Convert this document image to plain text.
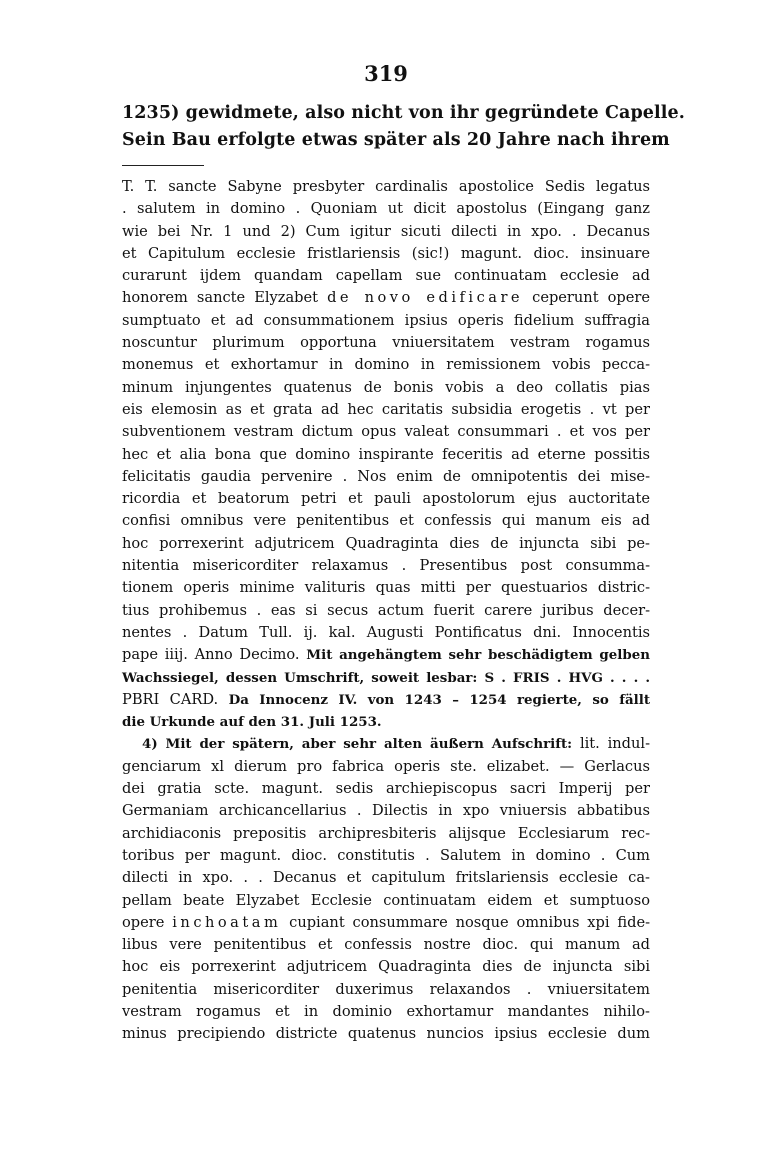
319
1235) gewidmete, also nicht von ihr gegründete Capelle.
Sein Bau erfolgte etwas später als 20 Jahre nach ihrem
T. T. sancte Sabyne presbyter cardinalis apostolice Sedis legatus
. salutem in domino . Quoniam ut dicit apostolus (Eingang ganz
wie bei Nr. 1 und 2) Cum igitur sicuti dilecti in xpo. . Decanus
et Capitulum ecclesie fristlariensis (sic!) magunt. dioc. insinuare
curarunt ijdem quandam capellam sue continuatam ecclesie ad
honorem sancte Elyzabet de novo edificare ceperunt opere
sumptuato et ad consummationem ipsius operis fidelium suffragia
noscuntur plurimum opportuna vniuersitatem vestram rogamus
monemus et exhortamur in domino in remissionem vobis pecca-
minum injungentes quatenus de bonis vobis a deo collatis pias
eis elemosin as et grata ad hec caritatis subsidia erogetis . vt per
subventionem vestram dictum opus valeat consummari . et vos per
hec et alia bona que domino inspirante feceritis ad eterne possitis
felicitatis gaudia pervenire . Nos enim de omnipotentis dei mise-
ricordia et beatorum petri et pauli apostolorum ejus auctoritate
confisi omnibus vere penitentibus et confessis qui manum eis ad
hoc porrexerint adjutricem Quadraginta dies de injuncta sibi pe-
nitentia misericorditer relaxamus . Presentibus post consumma-
tionem operis minime valituris quas mitti per questuarios distric-
tius prohibemus . eas si secus actum fuerit carere juribus decer-
nentes . Datum Tull. ij. kal. Augusti Pontificatus dni. Innocentis
pape iiij. Anno Decimo. Mit angehängtem sehr beschädigtem gelben
Wachssiegel, dessen Umschrift, soweit lesbar: S . FRIS . HVG . . . .
PBRI CARD. Da Innocenz IV. von 1243 – 1254 regierte, so fällt
die Urkunde auf den 31. Juli 1253.
4) Mit der spätern, aber sehr alten äußern Aufschrift: lit. indul-
genciarum xl dierum pro fabrica operis ste. elizabet. — Gerlacus
dei gratia scte. magunt. sedis archiepiscopus sacri Imperij per
Germaniam archicancellarius . Dilectis in xpo vniuersis abbatibus
archidiaconis prepositis archipresbiteris alijsque Ecclesiarum rec-
toribus per magunt. dioc. constitutis . Salutem in domino . Cum
dilecti in xpo. . . Decanus et capitulum fritslariensis ecclesie ca-
pellam beate Elyzabet Ecclesie continuatam eidem et sumptuoso
opere inchoatam cupiant consummare nosque omnibus xpi fide-
libus vere penitentibus et confessis nostre dioc. qui manum ad
hoc eis porrexerint adjutricem Quadraginta dies de injuncta sibi
penitentia misericorditer duxerimus relaxandos . vniuersitatem
vestram rogamus et in dominio exhortamur mandantes nihilo-
minus precipiendo districte quatenus nuncios ipsius ecclesie dum
